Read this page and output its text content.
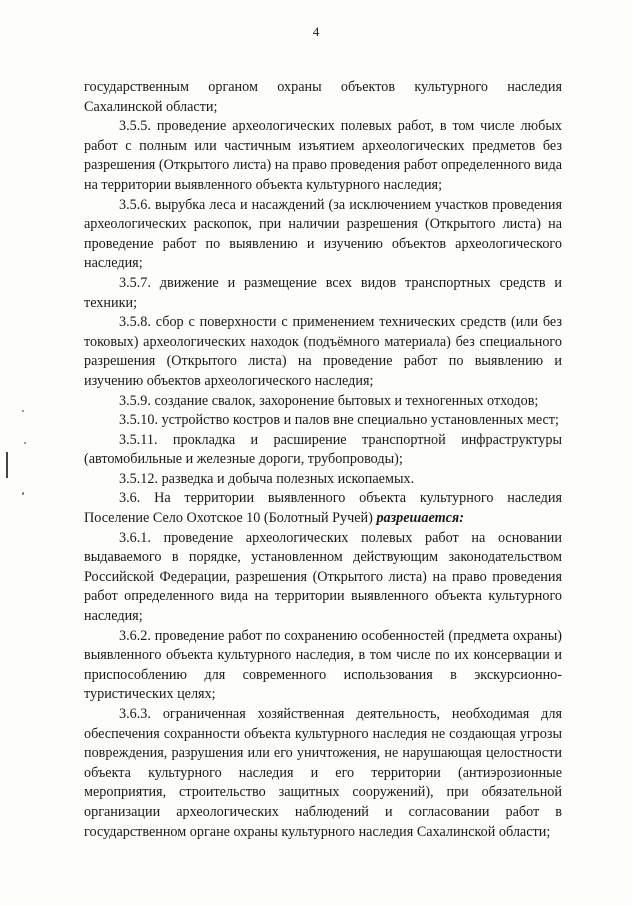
4

государственным органом охраны объектов культурного наследия Сахалинской области;

3.5.5. проведение археологических полевых работ, в том числе любых работ с полным или частичным изъятием археологических предметов без разрешения (Открытого листа) на право проведения работ определенного вида на территории выявленного объекта культурного наследия;

3.5.6. вырубка леса и насаждений (за исключением участков проведения археологических раскопок, при наличии разрешения (Открытого листа) на проведение работ по выявлению и изучению объектов археологического наследия;

3.5.7. движение и размещение всех видов транспортных средств и техники;

3.5.8. сбор с поверхности с применением технических средств (или без токовых) археологических находок (подъёмного материала) без специального разрешения (Открытого листа) на проведение работ по выявлению и изучению объектов археологического наследия;

3.5.9. создание свалок, захоронение бытовых и техногенных отходов;

3.5.10. устройство костров и палов вне специально установленных мест;

3.5.11. прокладка и расширение транспортной инфраструктуры (автомобильные и железные дороги, трубопроводы);

3.5.12. разведка и добыча полезных ископаемых.

3.6. На территории выявленного объекта культурного наследия Поселение Село Охотское 10 (Болотный Ручей) разрешается:

3.6.1. проведение археологических полевых работ на основании выдаваемого в порядке, установленном действующим законодательством Российской Федерации, разрешения (Открытого листа) на право проведения работ определенного вида на территории выявленного объекта культурного наследия;

3.6.2. проведение работ по сохранению особенностей (предмета охраны) выявленного объекта культурного наследия, в том числе по их консервации и приспособлению для современного использования в экскурсионно-туристических целях;

3.6.3. ограниченная хозяйственная деятельность, необходимая для обеспечения сохранности объекта культурного наследия не создающая угрозы повреждения, разрушения или его уничтожения, не нарушающая целостности объекта культурного наследия и его территории (антиэрозионные мероприятия, строительство защитных сооружений), при обязательной организации археологических наблюдений и согласовании работ в государственном органе охраны культурного наследия Сахалинской области;
